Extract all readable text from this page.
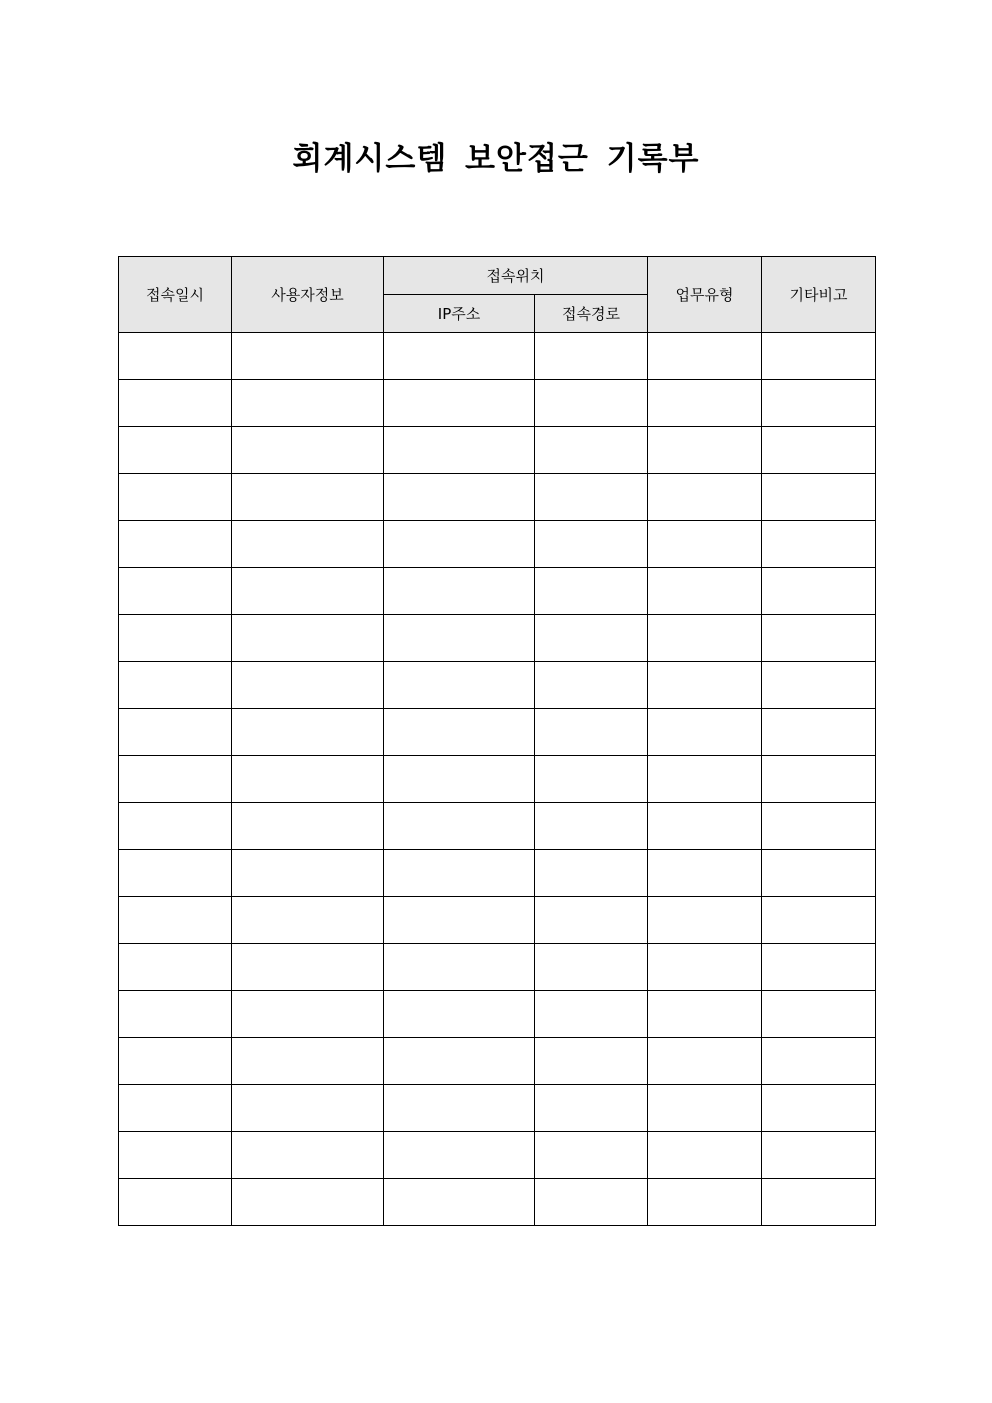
회계시스템 보안접근 기록부
접속일시	사용자정보	접속위치		업무유형	기타비고
		IP주소	접속경로		
